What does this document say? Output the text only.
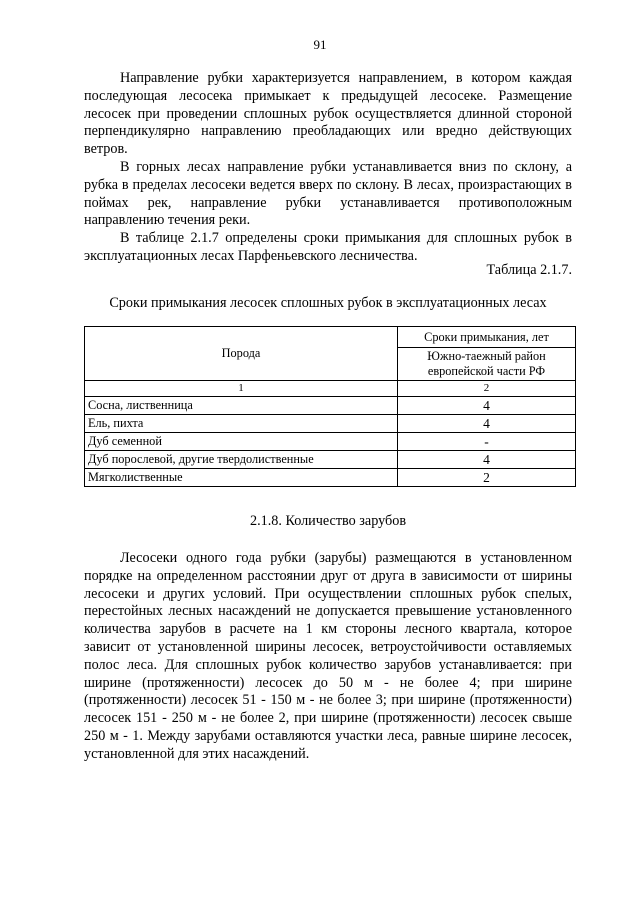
91

Направление рубки характеризуется направлением, в котором каждая последующая лесосека примыкает к предыдущей лесосеке. Размещение лесосек при проведении сплошных рубок осуществляется длинной стороной перпендикулярно направлению преобладающих или вредно действующих ветров.

В горных лесах направление рубки устанавливается вниз по склону, а рубка в пределах лесосеки ведется вверх по склону. В лесах, произрастающих в поймах рек, направление рубки устанавливается противоположным направлению течения реки.

В таблице 2.1.7 определены сроки примыкания для сплошных рубок в эксплуатационных лесах Парфеньевского лесничества.

Таблица 2.1.7.
Сроки примыкания лесосек сплошных рубок в эксплуатационных лесах
Порода	Сроки примыкания, лет
	Южно-таежный район европейской части РФ
1	2
Сосна, лиственница	4
Ель, пихта	4
Дуб семенной	-
Дуб порослевой, другие твердолиственные	4
Мягколиственные	2
2.1.8. Количество зарубов

Лесосеки одного года рубки (зарубы) размещаются в установленном порядке на определенном расстоянии друг от друга в зависимости от ширины лесосеки и других условий. При осуществлении сплошных рубок спелых, перестойных лесных насаждений не допускается превышение установленного количества зарубов в расчете на 1 км стороны лесного квартала, которое зависит от установленной ширины лесосек, ветроустойчивости оставляемых полос леса. Для сплошных рубок количество зарубов устанавливается: при ширине (протяженности) лесосек до 50 м - не более 4; при ширине (протяженности) лесосек 51 - 150 м - не более 3; при ширине (протяженности) лесосек 151 - 250 м - не более 2, при ширине (протяженности) лесосек свыше 250 м - 1. Между зарубами оставляются участки леса, равные ширине лесосек, установленной для этих насаждений.
